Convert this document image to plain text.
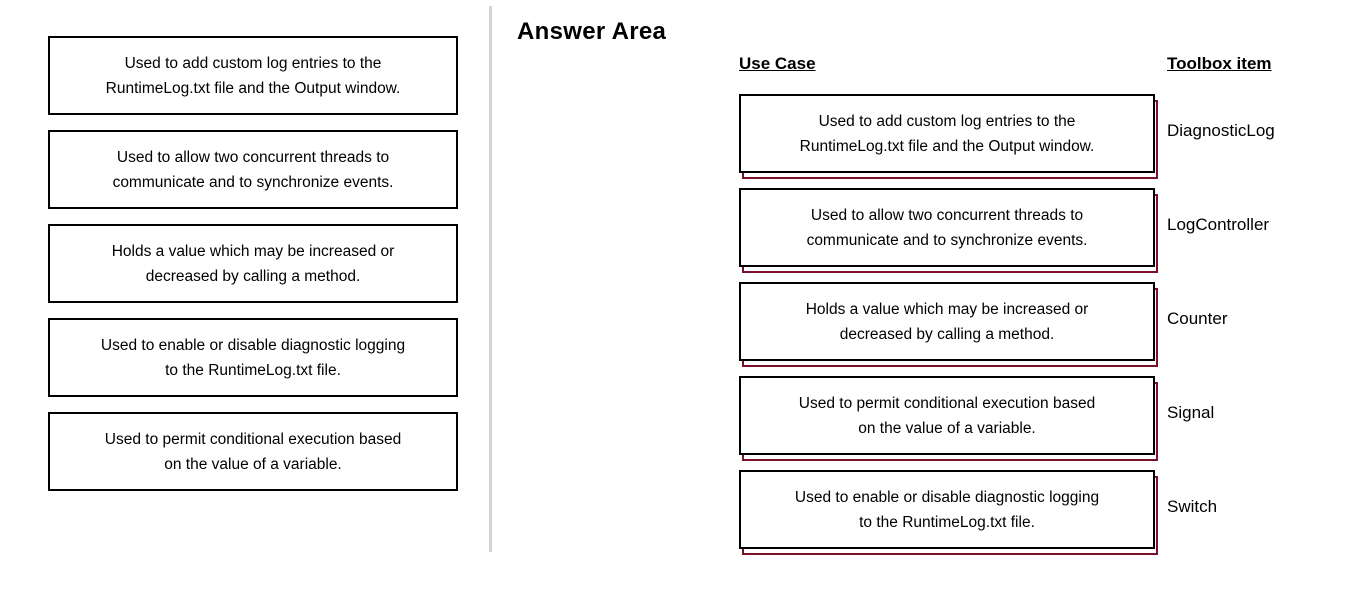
Used to add custom log entries to the
RuntimeLog.txt file and the Output window.
Used to allow two concurrent threads to
communicate and to synchronize events.
Holds a value which may be increased or
decreased by calling a method.
Used to enable or disable diagnostic logging
to the RuntimeLog.txt file.
Used to permit conditional execution based
on the value of a variable.
Answer Area
Use Case	Toolbox item
Used to add custom log entries to the
RuntimeLog.txt file and the Output window.
DiagnosticLog
Used to allow two concurrent threads to
communicate and to synchronize events.
LogController
Holds a value which may be increased or
decreased by calling a method.
Counter
Used to permit conditional execution based
on the value of a variable.
Signal
Used to enable or disable diagnostic logging
to the RuntimeLog.txt file.
Switch
